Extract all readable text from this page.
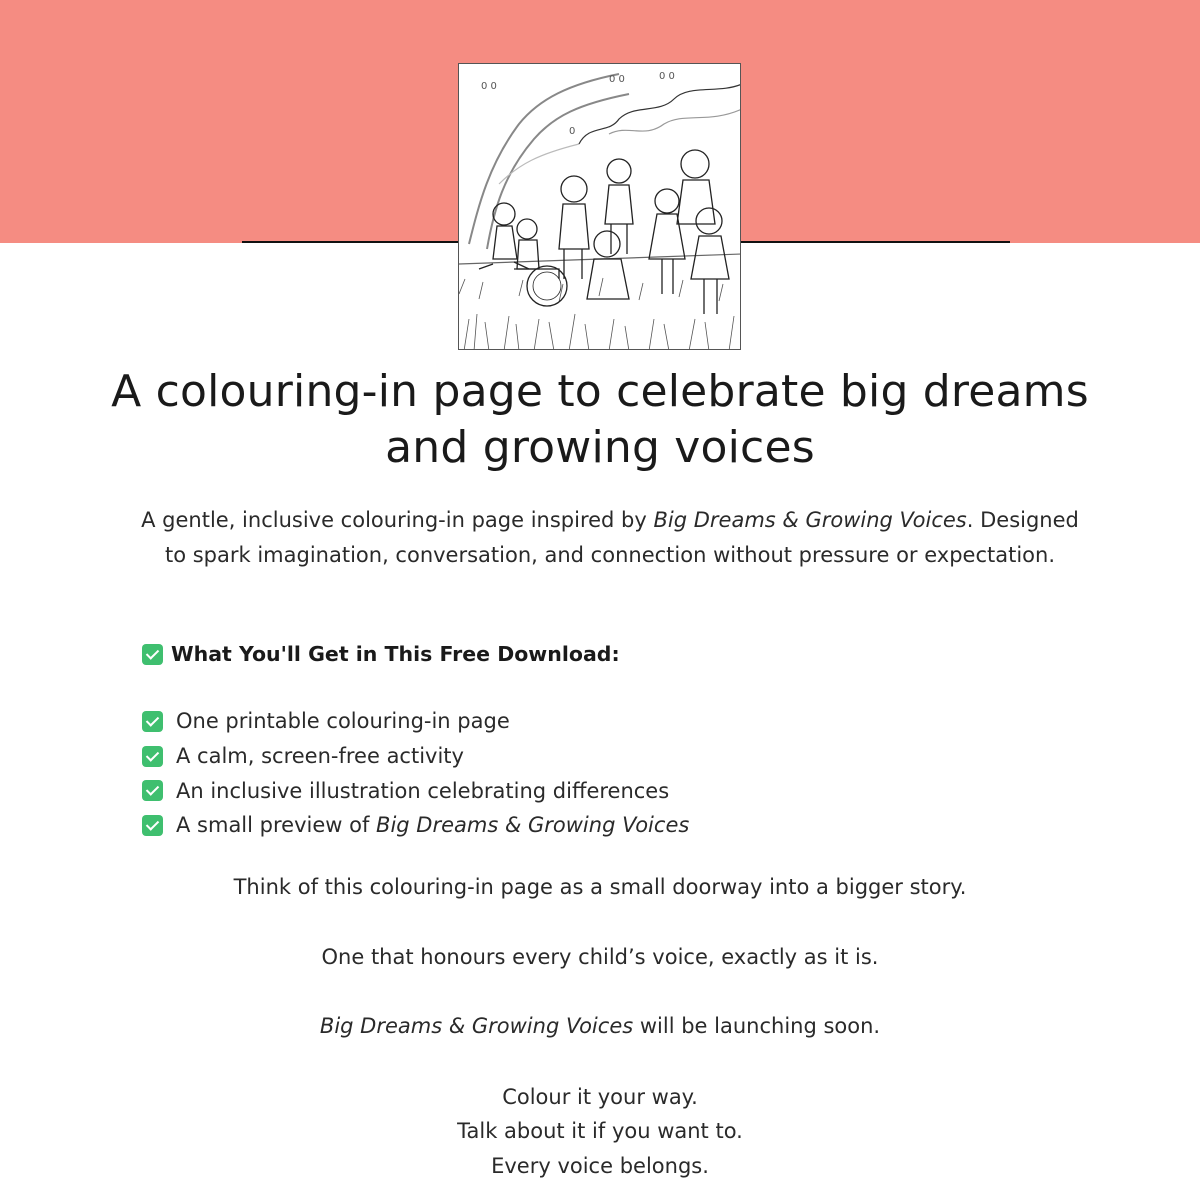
0 0
0 0
0
0 0
A colouring-in page to celebrate big dreams and growing voices

A gentle, inclusive colouring-in page inspired by Big Dreams & Growing Voices. Designed to spark imagination, conversation, and connection without pressure or expectation.

What You'll Get in This Free Download:
One printable colouring-in page
A calm, screen-free activity
An inclusive illustration celebrating differences
A small preview of Big Dreams & Growing Voices

Think of this colouring-in page as a small doorway into a bigger story.

One that honours every child’s voice, exactly as it is.

Big Dreams & Growing Voices will be launching soon.

Colour it your way.

Talk about it if you want to.

Every voice belongs.
